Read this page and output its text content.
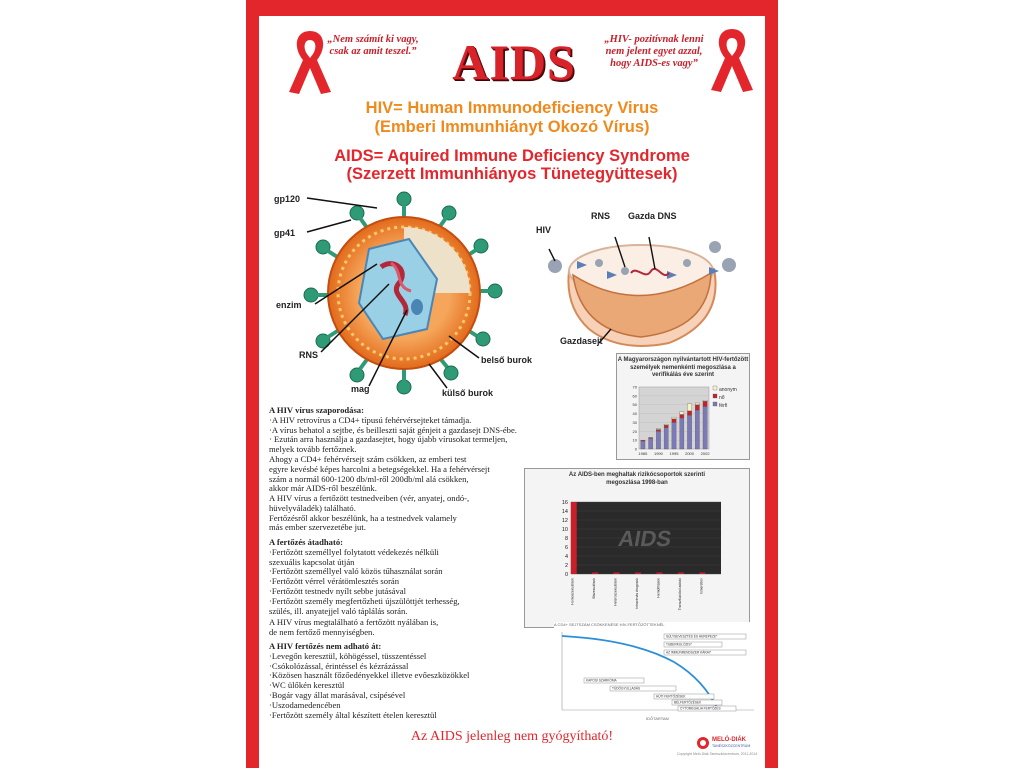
„Nem számít ki vagy, csak az amit teszel.”
„HIV- pozitívnak lenni nem jelent egyet azzal, hogy AIDS-es vagy”
AIDS
HIV= Human Immunodeficiency Virus
(Emberi Immunhiányt Okozó Vírus)
AIDS= Aquired Immune Deficiency Syndrome
(Szerzett Immunhiányos Tünetegyüttesek)
gp120
gp41
enzim
RNS
mag
belső burok
külső burok
HIV
RNS Gazda DNS
Gazdasejt
A HIV vírus szaporodása:
·A HIV retrovírus a CD4+ típusú fehérvérsejteket támadja.
·A vírus behatol a sejtbe, és beilleszti saját génjeit a gazdasejt DNS-ébe.
· Ezután arra használja a gazdasejtet, hogy újabb vírusokat termeljen,
melyek tovább fertőznek.
Ahogy a CD4+ fehérvérsejt szám csökken, az emberi test
egyre kevésbé képes harcolni a betegségekkel. Ha a fehérvérsejt
szám a normál 600-1200 db/ml-ről 200db/ml alá csökken,
akkor már AIDS-ről beszélünk.
A HIV vírus a fertőzött testnedveiben (vér, anyatej, ondó-,
hüvelyváladék) található.
Fertőzésről akkor beszélünk, ha a testnedvek valamely
más ember szervezetébe jut.
A fertőzés átadható:
·Fertőzött személlyel folytatott védekezés nélküli
szexuális kapcsolat útján
·Fertőzött személlyel való közös tűhasználat során
·Fertőzött vérrel vérátömlesztés során
·Fertőzött testnedv nyílt sebbe jutásával
·Fertőzött személy megfertőzheti újszülöttjét terhesség,
szülés, ill. anyatejjel való táplálás során.
A HIV vírus megtalálható a fertőzött nyálában is,
de nem fertőző mennyiségben.
A HIV fertőzés nem adható át:
·Levegőn keresztül, köhögéssel, tüsszentéssel
·Csókolózással, érintéssel és kézrázással
·Közösen használt főzőedényekkel illetve evőeszközökkel
·WC ülőkén keresztül
·Bogár vagy állat marásával, csípésével
·Uszodamedencében
·Fertőzött személy által készített ételen keresztül
A Magyarországon nyilvántartott HIV-fertőzött személyek nemenkénti megoszlása a verifikálás éve szerint
70
60
50
40
30
20
10
0
1985 1990 1995 2000 2002
anonym
nő
férfi
Az AIDS-ben meghaltak rizikócsoportok szerinti megoszlása 1998-ban
AIDS
16
14
12
10
8
6
4
2
0
Homoszexuálisok	Biszexuálisok	Heteroszexuálisok	Intravénás drogosok	Hemofíliások	Transzfúzióból adódó	Ismeretlen
A CD4+ SEJTSZÁM CSÖKKENÉSE HIV-FERTŐZÖTTEKNÉL
SÚLYSEVESZTÉS ÉS HEREPEZE*
TUBERKULÓZIS*
AZ IMMUNRENDSZER KÁRAI*
KAPOSI SZARKÓMA
TÜDŐGYULLADÁS
HÚTI FERTŐZÉSEK
BÉLFERTŐZÉSEK
CYTOMEGALIA FERTŐZÉS
IDŐTARTAM
Az AIDS jelenleg nem gyógyítható!	MELÓ-DIÁK
TANÉSZKÖZCENTRUM
Copyright Meló-Diák Taneszközcentrum, 2011-2014
